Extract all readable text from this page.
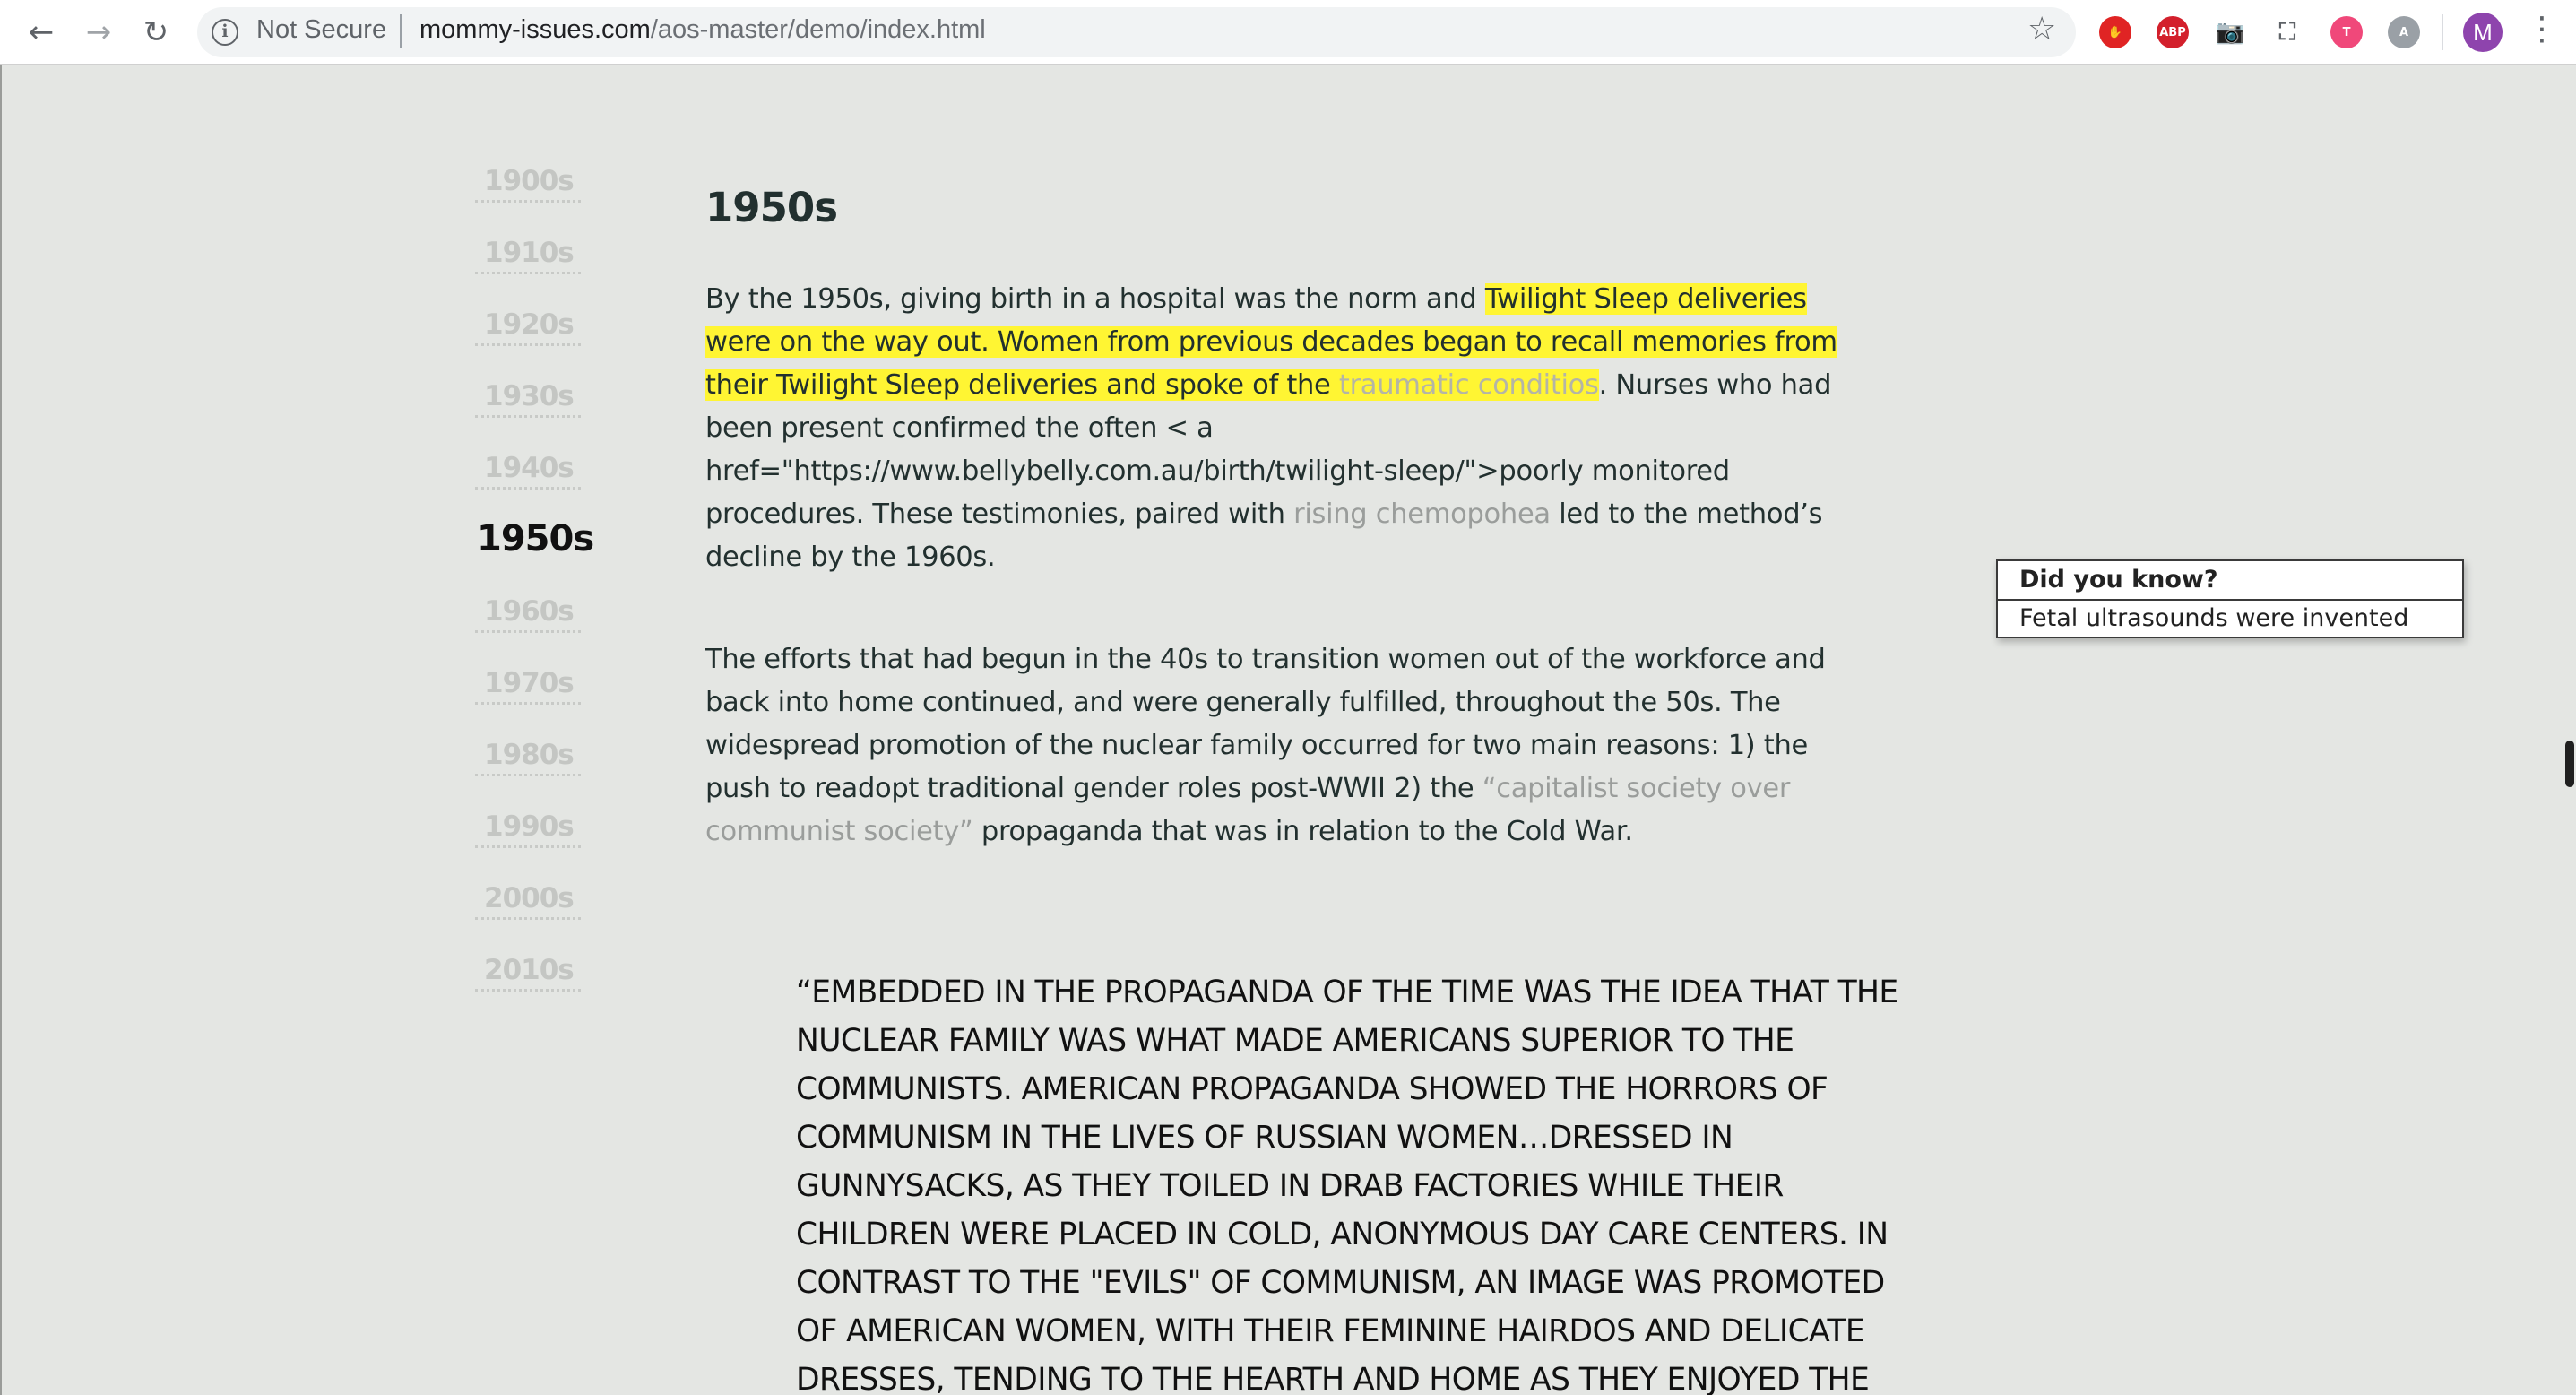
← → ↻	i	Not Secure mommy-issues.com/aos-master/demo/index.html	☆	✋	ABP 📷	⛶	T	A	M	⋮
1900s
1910s
1920s
1930s
1940s
1950s
1960s
1970s
1980s
1990s
2000s
2010s
1950s

By the 1950s, giving birth in a hospital was the norm and Twilight Sleep deliveries were on the way out. Women from previous decades began to recall memories from their Twilight Sleep deliveries and spoke of the traumatic conditios. Nurses who had been present confirmed the often < a href="https://www.bellybelly.com.au/birth/twilight-sleep/">poorly monitored procedures. These testimonies, paired with rising chemopohea led to the method’s decline by the 1960s.

The efforts that had begun in the 40s to transition women out of the workforce and back into home continued, and were generally fulfilled, throughout the 50s. The widespread promotion of the nuclear family occurred for two main reasons: 1) the push to readopt traditional gender roles post-WWII 2) the “capitalist society over communist society” propaganda that was in relation to the Cold War.

“EMBEDDED IN THE PROPAGANDA OF THE TIME WAS THE IDEA THAT THE NUCLEAR FAMILY WAS WHAT MADE AMERICANS SUPERIOR TO THE COMMUNISTS. AMERICAN PROPAGANDA SHOWED THE HORRORS OF COMMUNISM IN THE LIVES OF RUSSIAN WOMEN…DRESSED IN GUNNYSACKS, AS THEY TOILED IN DRAB FACTORIES WHILE THEIR CHILDREN WERE PLACED IN COLD, ANONYMOUS DAY CARE CENTERS. IN CONTRAST TO THE "EVILS" OF COMMUNISM, AN IMAGE WAS PROMOTED OF AMERICAN WOMEN, WITH THEIR FEMININE HAIRDOS AND DELICATE DRESSES, TENDING TO THE HEARTH AND HOME AS THEY ENJOYED THE
Did you know?
Fetal ultrasounds were invented
